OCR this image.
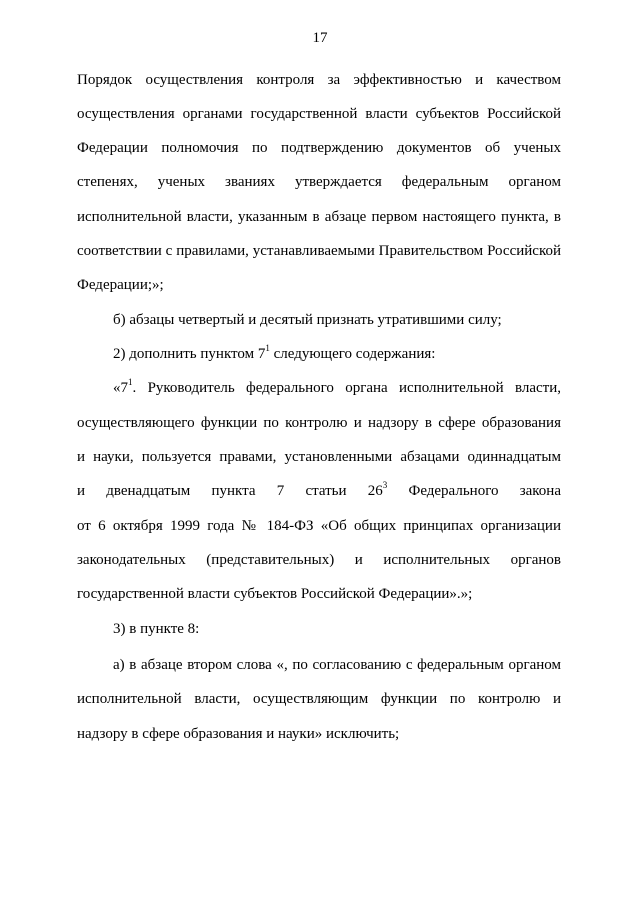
17
Порядок осуществления контроля за эффективностью и качеством
осуществления органами государственной власти субъектов Российской
Федерации полномочия по подтверждению документов об ученых
степенях, ученых званиях утверждается федеральным органом
исполнительной власти, указанным в абзаце первом настоящего пункта, в
соответствии с правилами, устанавливаемыми Правительством Российской
Федерации;»;
б) абзацы четвертый и десятый признать утратившими силу;
2) дополнить пунктом $7^1$ следующего содержания:
«$7^1$. Руководитель федерального органа исполнительной власти,
осуществляющего функции по контролю и надзору в сфере образования
и науки, пользуется правами, установленными абзацами одиннадцатым
и двенадцатым пункта 7 статьи $26^3$ Федерального закона
от 6 октября 1999 года № 184-ФЗ «Об общих принципах организации
законодательных (представительных) и исполнительных органов
государственной власти субъектов Российской Федерации».»;
3) в пункте 8:
а) в абзаце втором слова «, по согласованию с федеральным органом
исполнительной власти, осуществляющим функции по контролю и
надзору в сфере образования и науки» исключить;
